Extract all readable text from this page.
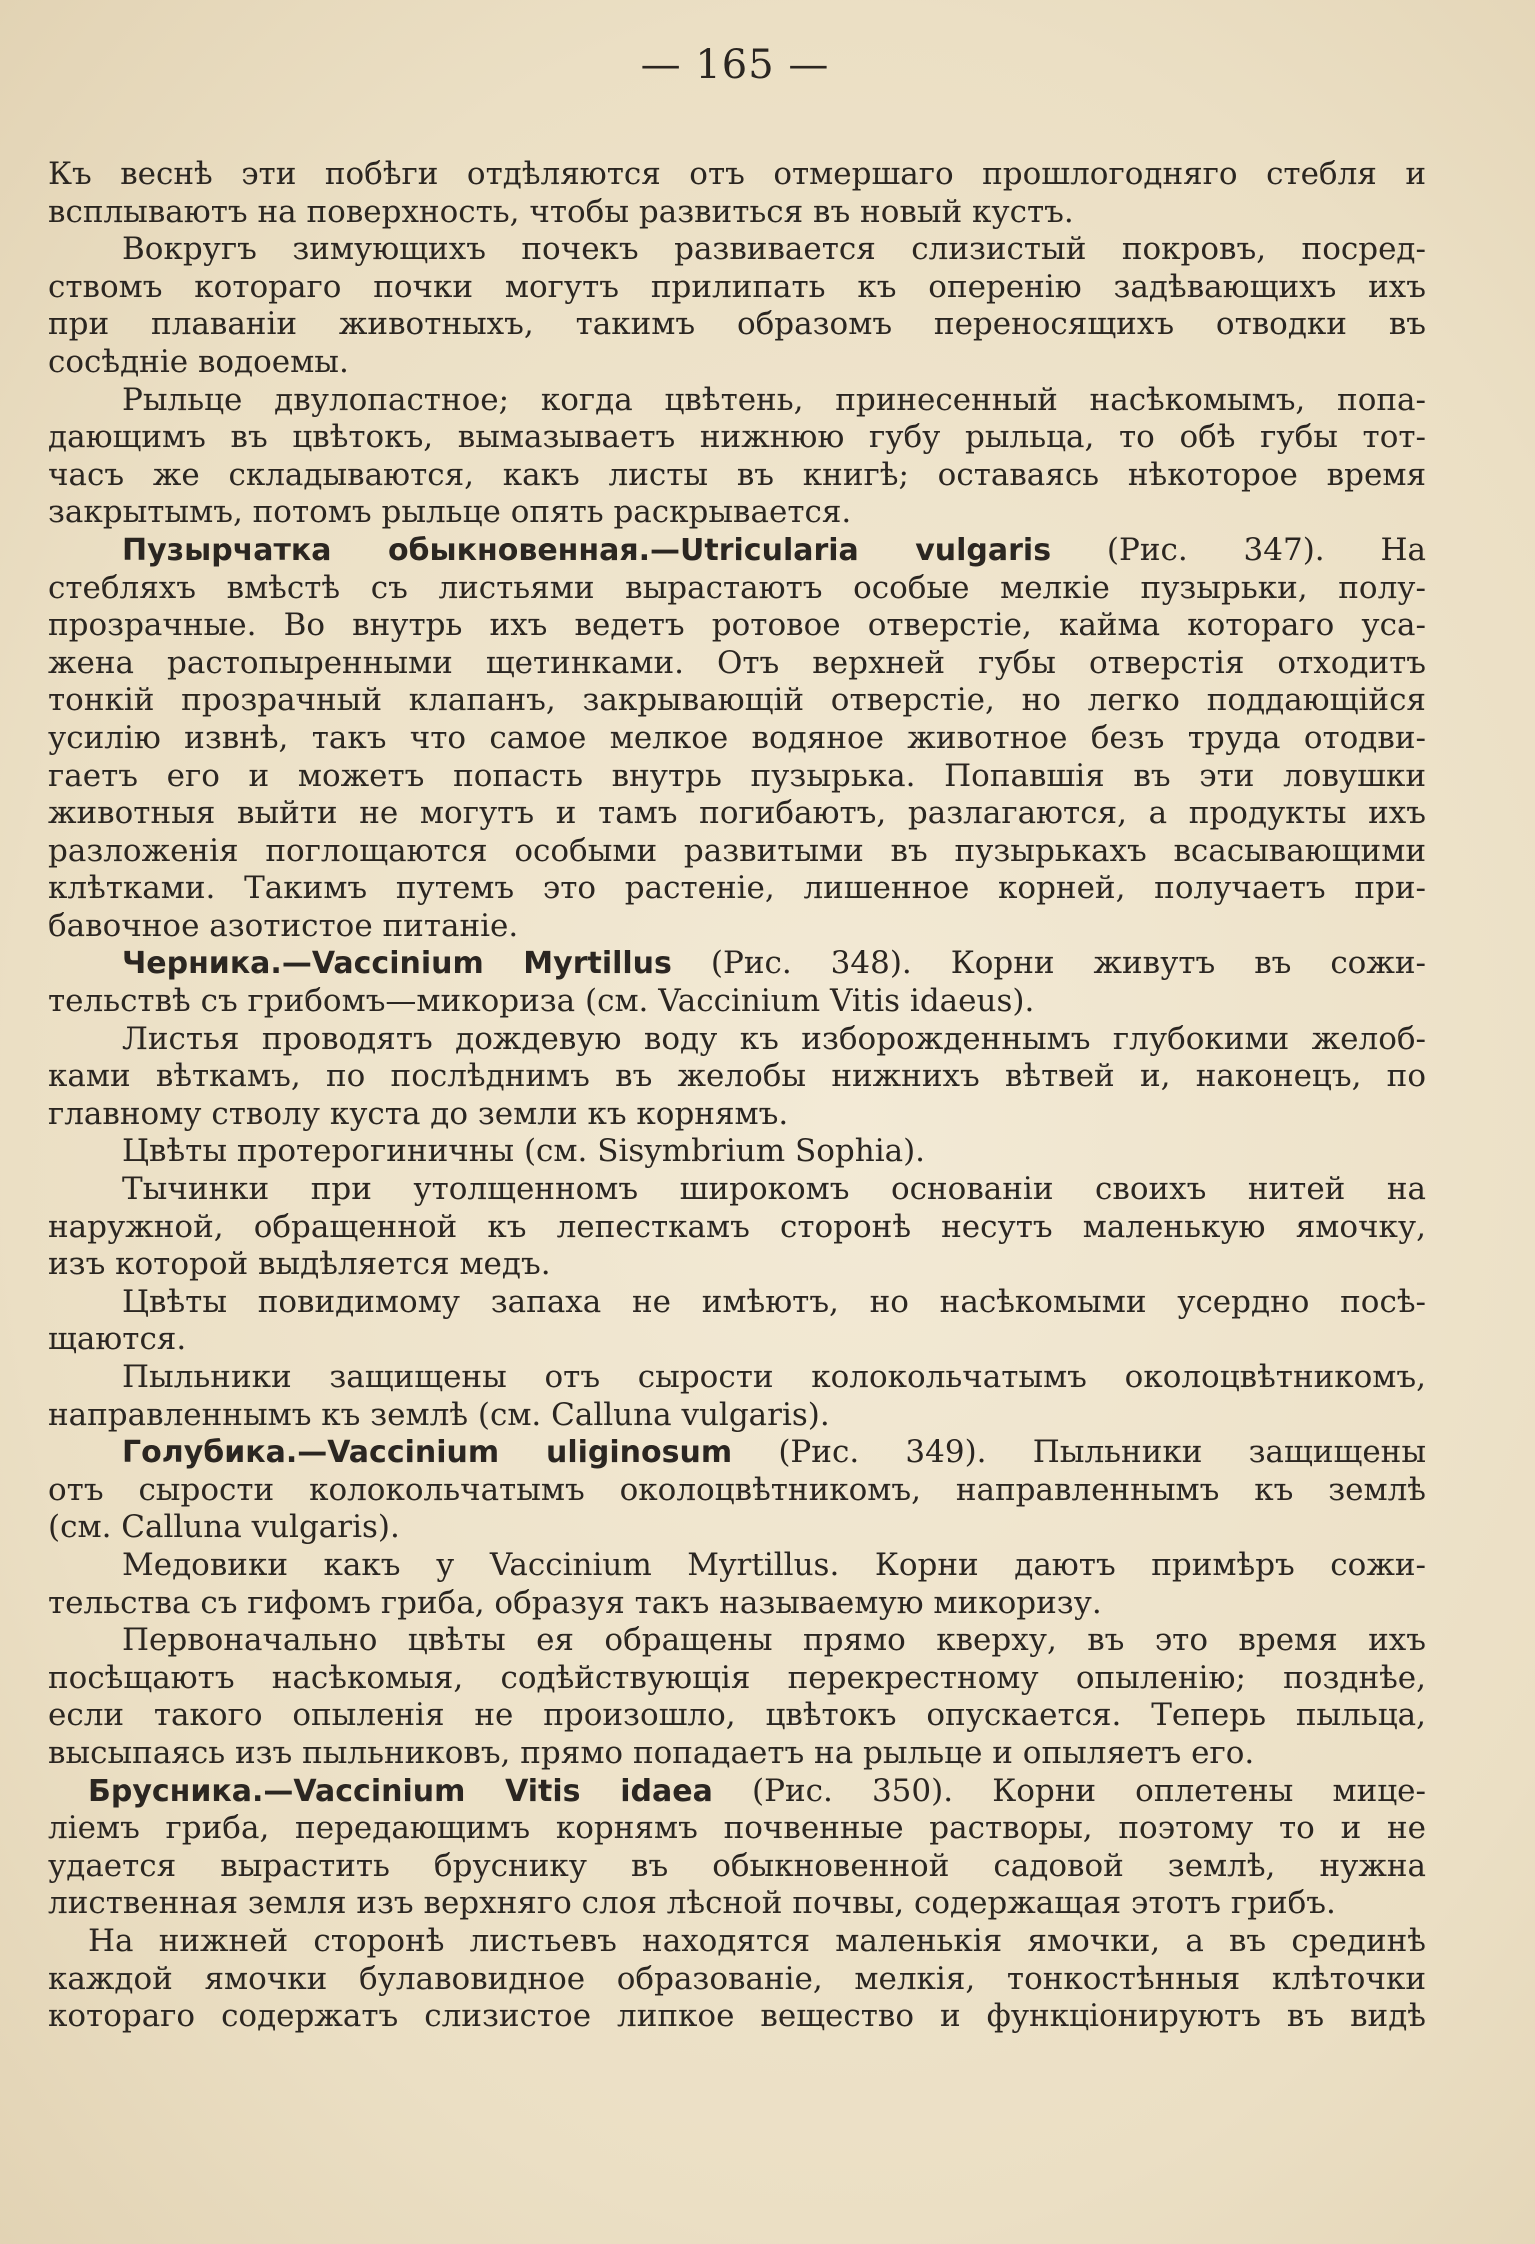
— 165 —
Къ веснѣ эти побѣги отдѣляются отъ отмершаго прошлогодняго стебля и
всплываютъ на поверхность, чтобы развиться въ новый кустъ.
Вокругъ зимующихъ почекъ развивается слизистый покровъ, посред-
ствомъ котораго почки могутъ прилипать къ оперенію задѣвающихъ ихъ
при плаваніи животныхъ, такимъ образомъ переносящихъ отводки въ
сосѣдніе водоемы.
Рыльце двулопастное; когда цвѣтень, принесенный насѣкомымъ, попа-
дающимъ въ цвѣтокъ, вымазываетъ нижнюю губу рыльца, то обѣ губы тот-
часъ же складываются, какъ листы въ книгѣ; оставаясь нѣкоторое время
закрытымъ, потомъ рыльце опять раскрывается.
Пузырчатка обыкновенная.—Utricularia vulgaris (Рис. 347). На
стебляхъ вмѣстѣ съ листьями вырастаютъ особые мелкіе пузырьки, полу-
прозрачные. Во внутрь ихъ ведетъ ротовое отверстіе, кайма котораго уса-
жена растопыренными щетинками. Отъ верхней губы отверстія отходитъ
тонкій прозрачный клапанъ, закрывающій отверстіе, но легко поддающійся
усилію извнѣ, такъ что самое мелкое водяное животное безъ труда отодви-
гаетъ его и можетъ попасть внутрь пузырька. Попавшія въ эти ловушки
животныя выйти не могутъ и тамъ погибаютъ, разлагаются, а продукты ихъ
разложенія поглощаются особыми развитыми въ пузырькахъ всасывающими
клѣтками. Такимъ путемъ это растеніе, лишенное корней, получаетъ при-
бавочное азотистое питаніе.
Черника.—Vaccinium Myrtillus (Рис. 348). Корни живутъ въ сожи-
тельствѣ съ грибомъ—микориза (см. Vaccinium Vitis idaeus).
Листья проводятъ дождевую воду къ изборожденнымъ глубокими желоб-
ками вѣткамъ, по послѣднимъ въ желобы нижнихъ вѣтвей и, наконецъ, по
главному стволу куста до земли къ корнямъ.
Цвѣты протерогиничны (см. Sisymbrium Sophia).
Тычинки при утолщенномъ широкомъ основаніи своихъ нитей на
наружной, обращенной къ лепесткамъ сторонѣ несутъ маленькую ямочку,
изъ которой выдѣляется медъ.
Цвѣты повидимому запаха не имѣютъ, но насѣкомыми усердно посѣ-
щаются.
Пыльники защищены отъ сырости колокольчатымъ околоцвѣтникомъ,
направленнымъ къ землѣ (см. Calluna vulgaris).
Голубика.—Vaccinium uliginosum (Рис. 349). Пыльники защищены
отъ сырости колокольчатымъ околоцвѣтникомъ, направленнымъ къ землѣ
(см. Calluna vulgaris).
Медовики какъ у Vaccinium Myrtillus. Корни даютъ примѣръ сожи-
тельства съ гифомъ гриба, образуя такъ называемую микоризу.
Первоначально цвѣты ея обращены прямо кверху, въ это время ихъ
посѣщаютъ насѣкомыя, содѣйствующія перекрестному опыленію; позднѣе,
если такого опыленія не произошло, цвѣтокъ опускается. Теперь пыльца,
высыпаясь изъ пыльниковъ, прямо попадаетъ на рыльце и опыляетъ его.
Брусника.—Vaccinium Vitis idaea (Рис. 350). Корни оплетены мице-
ліемъ гриба, передающимъ корнямъ почвенные растворы, поэтому то и не
удается вырастить бруснику въ обыкновенной садовой землѣ, нужна
лиственная земля изъ верхняго слоя лѣсной почвы, содержащая этотъ грибъ.
На нижней сторонѣ листьевъ находятся маленькія ямочки, а въ срединѣ
каждой ямочки булавовидное образованіе, мелкія, тонкостѣнныя клѣточки
котораго содержатъ слизистое липкое вещество и функціонируютъ въ видѣ
